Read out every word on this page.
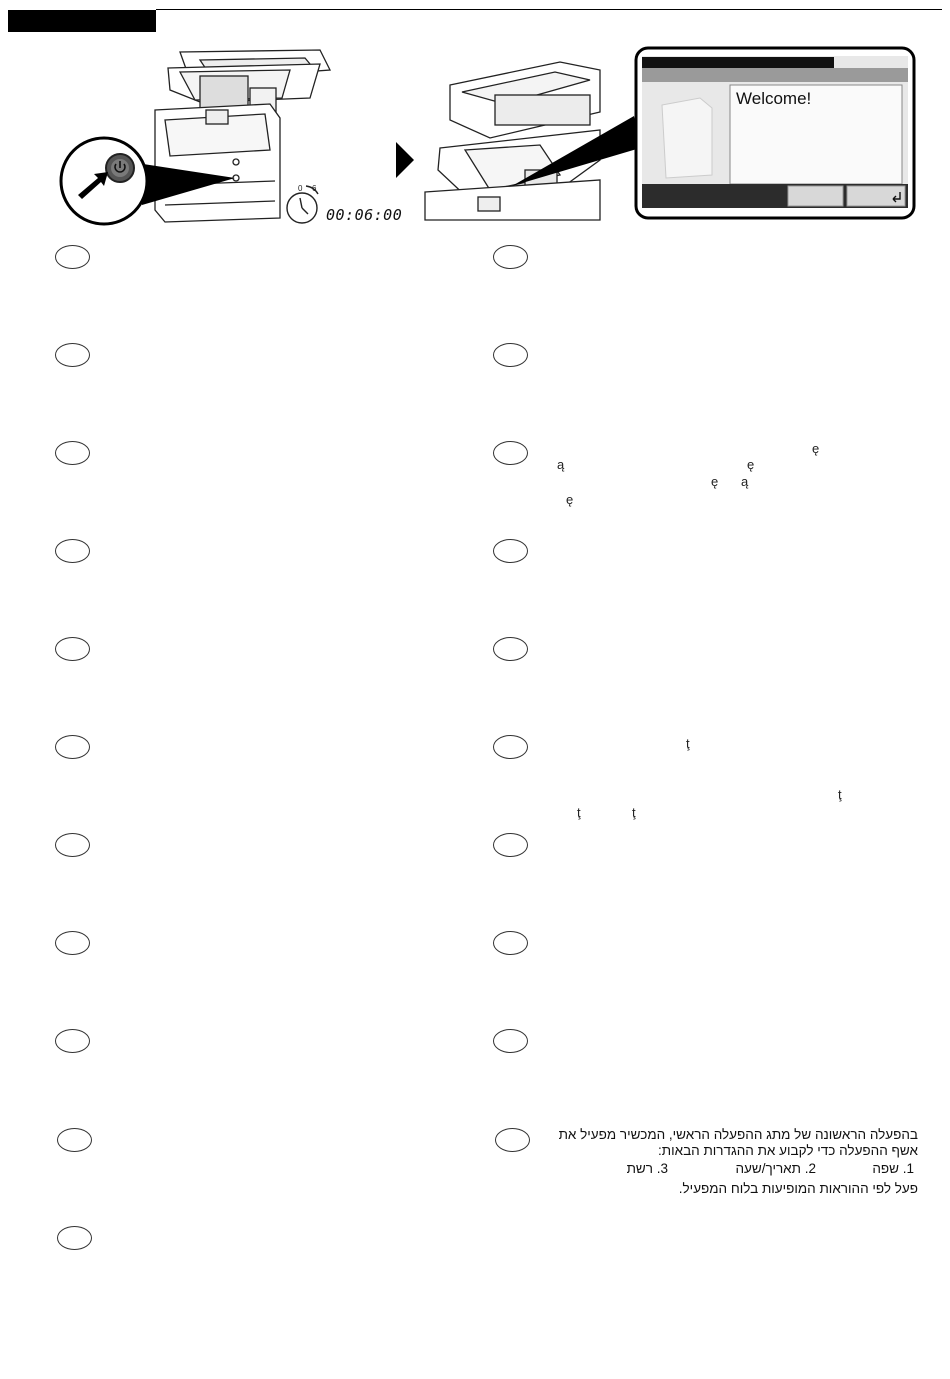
0 6
Welcome!
00:06:00
ę
ą	ę
ę ą
ę
ţ
ţ
ţ	ţ
בהפעלה הראשונה של מתג ההפעלה הראשי, המכשיר מפעיל את
אשף ההפעלה כדי לקבוע את ההגדרות הבאות:
1. שפה
2. תאריך/שעה
3. רשת
פעל לפי ההוראות המופיעות בלוח המפעיל.
